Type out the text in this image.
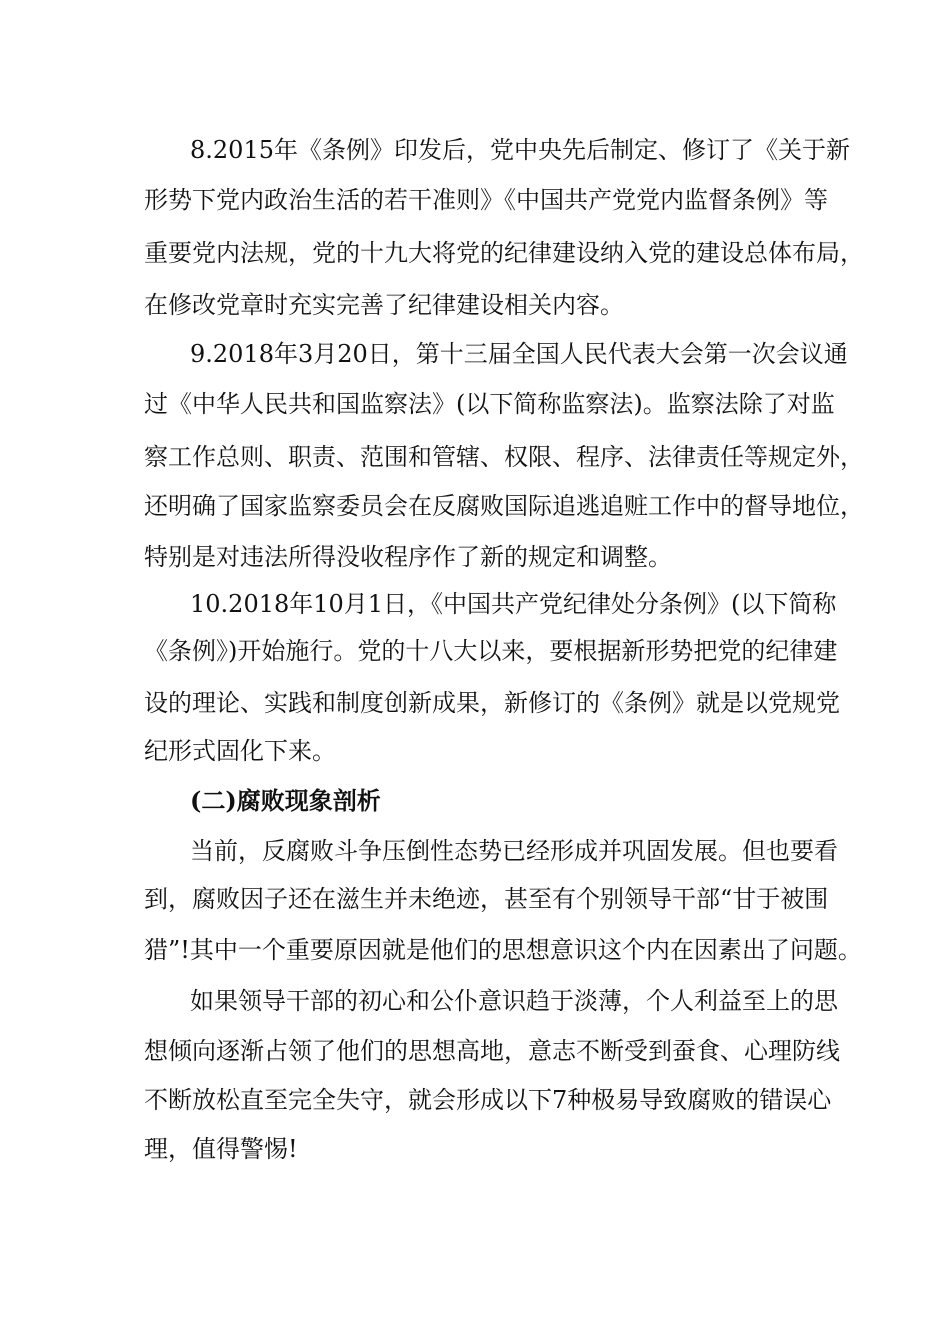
8.2015年《条例》印发后，党中央先后制定、修订了《关于新
形势下党内政治生活的若干准则》《中国共产党党内监督条例》等
重要党内法规，党的十九大将党的纪律建设纳入党的建设总体布局，
在修改党章时充实完善了纪律建设相关内容。
9.2018年3月20日，第十三届全国人民代表大会第一次会议通
过《中华人民共和国监察法》(以下简称监察法)。监察法除了对监
察工作总则、职责、范围和管辖、权限、程序、法律责任等规定外，
还明确了国家监察委员会在反腐败国际追逃追赃工作中的督导地位，
特别是对违法所得没收程序作了新的规定和调整。
10.2018年10月1日，《中国共产党纪律处分条例》(以下简称
《条例》)开始施行。党的十八大以来，要根据新形势把党的纪律建
设的理论、实践和制度创新成果，新修订的《条例》就是以党规党
纪形式固化下来。
(二)腐败现象剖析
当前，反腐败斗争压倒性态势已经形成并巩固发展。但也要看
到，腐败因子还在滋生并未绝迹，甚至有个别领导干部“甘于被围
猎”!其中一个重要原因就是他们的思想意识这个内在因素出了问题。
如果领导干部的初心和公仆意识趋于淡薄，个人利益至上的思
想倾向逐渐占领了他们的思想高地，意志不断受到蚕食、心理防线
不断放松直至完全失守，就会形成以下7种极易导致腐败的错误心
理，值得警惕!
